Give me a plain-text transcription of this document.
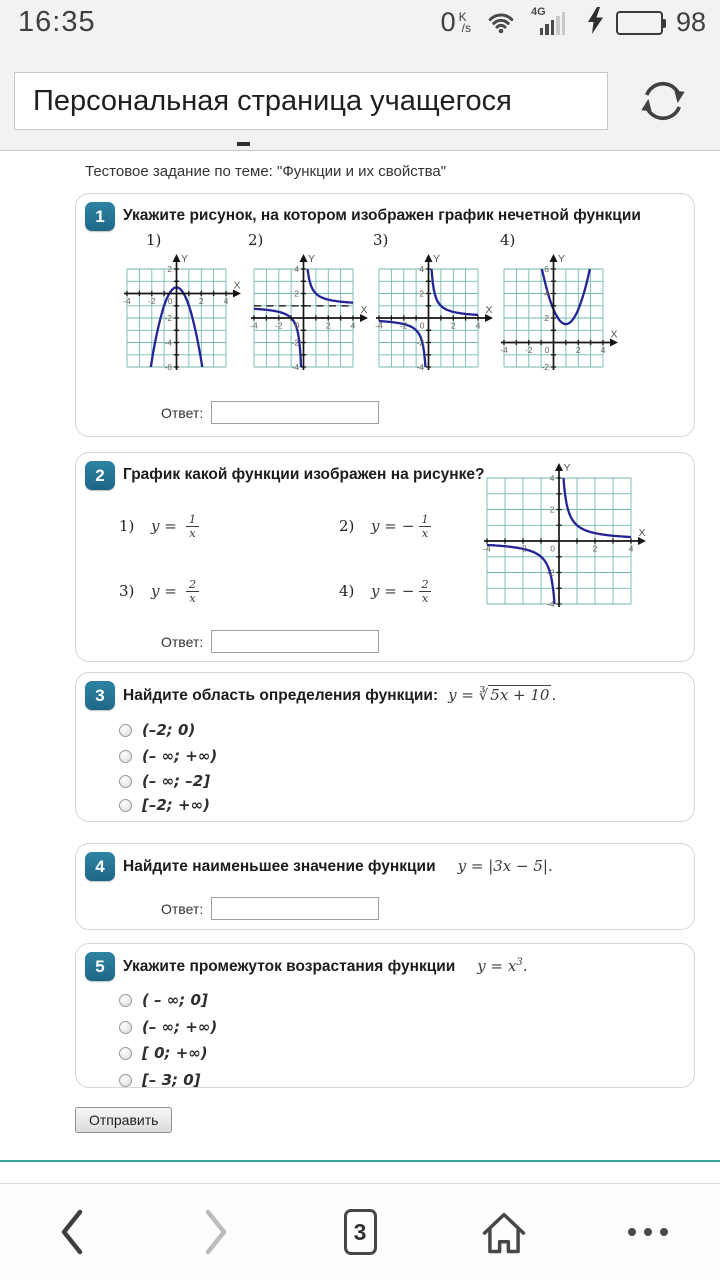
16:35	0 K
/s
4G	98
Персональная страница учащегося
Тестовое задание по теме: "Функции и их свойства"
1	Укажите рисунок, на котором изображен график нечетной функции
1)	2)	3)	4)
-4 -2	2 4
0
-6
-4
-2
2
X
Y
-4 -2	2 4
0
-4
-2
2
4
X
Y
-4 -2	2 4
0
-4
-2
2
4
X
Y
-4 -2	2 4
0
-2
2
4
6
X
Y
Ответ:
2	График какой функции изображен на рисунке?
1)	$y = \frac{1}{x}$	2)	y = − $\frac{1}{x}$
3)	$y = \frac{2}{x}$	4)	y = − $\frac{2}{x}$
-4	-2	2	4
0
-4
-2
2
4
X
Y
Ответ:
3	Найдите область определения функции: y = ∛ 5x + 10 .
(–2; 0)
(– ∞; +∞)
(– ∞; –2]
[–2; +∞)
4	Найдите наименьшее значение функции y = |3x − 5|.
Ответ:
5	Укажите промежуток возрастания функции $y = x^3$.
( – ∞; 0]
(– ∞; +∞)
[ 0; +∞)
[– 3; 0]
Отправить
3
